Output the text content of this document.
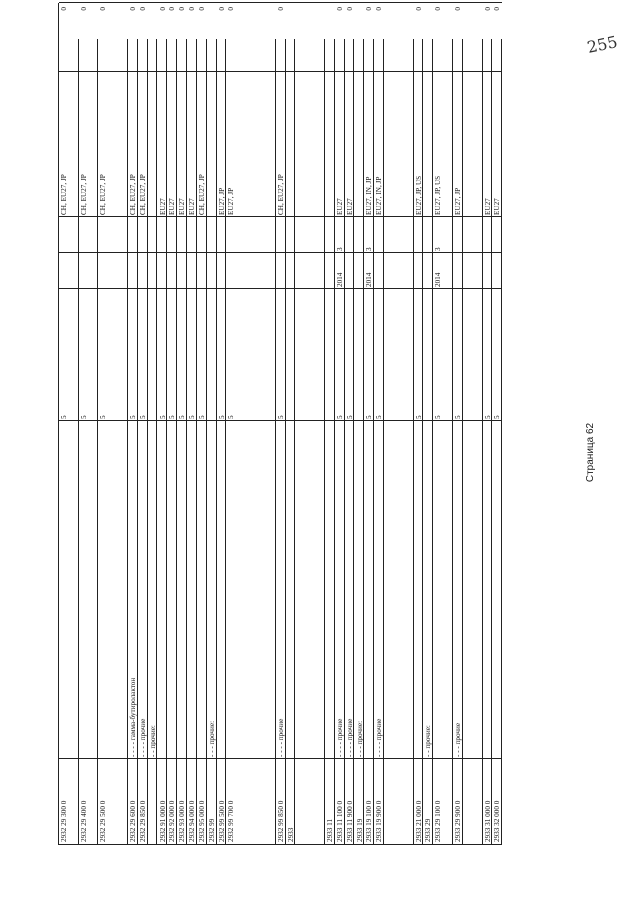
2932 29 300 0
5
CH, EU27, JP
0
2932 29 400 0
5
CH, EU27, JP
0
2932 29 500 0
5
CH, EU27, JP
0
2932 29 600 0
- - - - гамма-бутиролактон
5
CH, EU27, JP
0
2932 29 850 0
- - - - прочие
5
CH, EU27, JP
0
- - прочие:
2932 91 000 0
5
EU27
0
2932 92 000 0
5
EU27
0
2932 93 000 0
5
EU27
0
2932 94 000 0
5
EU27
0
2932 95 000 0
5
CH, EU27, JP
0
2932 99
- - - прочие:
2932 99 500 0
5
EU27, JP
0
2932 99 700 0
5
EU27, JP
0
2932 99 850 0
- - - - прочие
5
CH, EU27, JP
0
2933	2933 11 2933 11 100 0
- - - - прочие
5
2014
3
EU27
0
2933 11 900 0
- - - - прочие
5
EU27
0
2933 19
- - - прочие:
2933 19 100 0
5
2014
3
EU27, IN, JP
0
2933 19 900 0
- - - - прочие
5
EU27, IN, JP
0
2933 21 000 0
5
EU27, JP, US
0
2933 29
- - прочие:
2933 29 100 0
5
2014
3
EU27, JP, US
0
2933 29 900 0
- - - прочие
5
EU27, JP
0
2933 31 000 0
5
EU27
0
2933 32 000 0
5
EU27
0
Страница 62
255
